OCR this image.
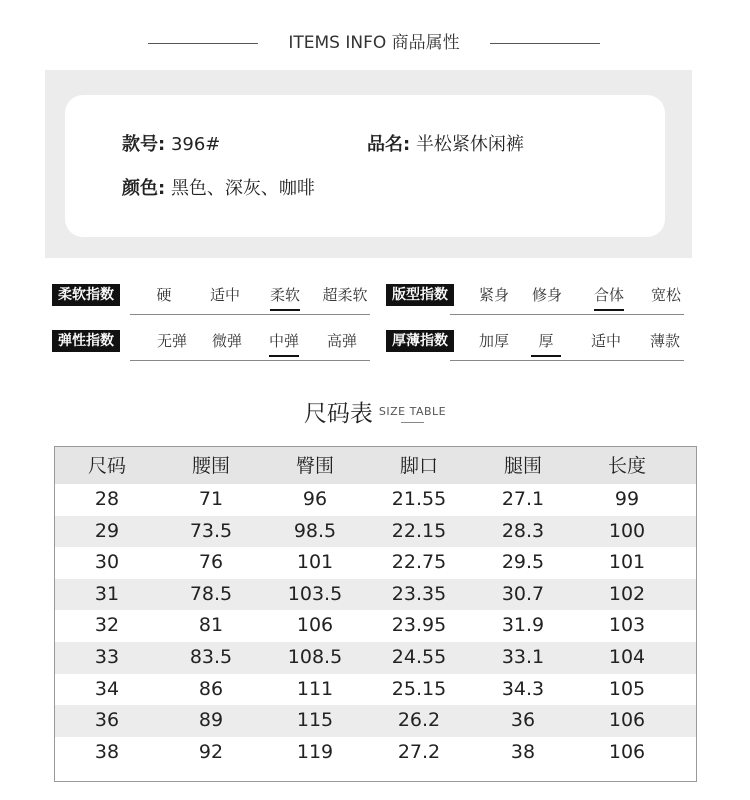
ITEMS INFO 商品属性
款号: 396#	品名: 半松紧休闲裤
颜色: 黑色、深灰、咖啡
柔软指数	硬	适中	柔软	超柔软	版型指数	紧身	修身	合体	宽松
弹性指数	无弹	微弹	中弹	高弹	厚薄指数	加厚	厚	适中	薄款
尺码表 SIZE TABLE
尺码	腰围	臀围	脚口	腿围	长度
28	71	96	21.55	27.1	99
29	73.5	98.5	22.15	28.3	100
30	76	101	22.75	29.5	101
31	78.5	103.5	23.35	30.7	102
32	81	106	23.95	31.9	103
33	83.5	108.5	24.55	33.1	104
34	86	111	25.15	34.3	105
36	89	115	26.2	36	106
38	92	119	27.2	38	106
